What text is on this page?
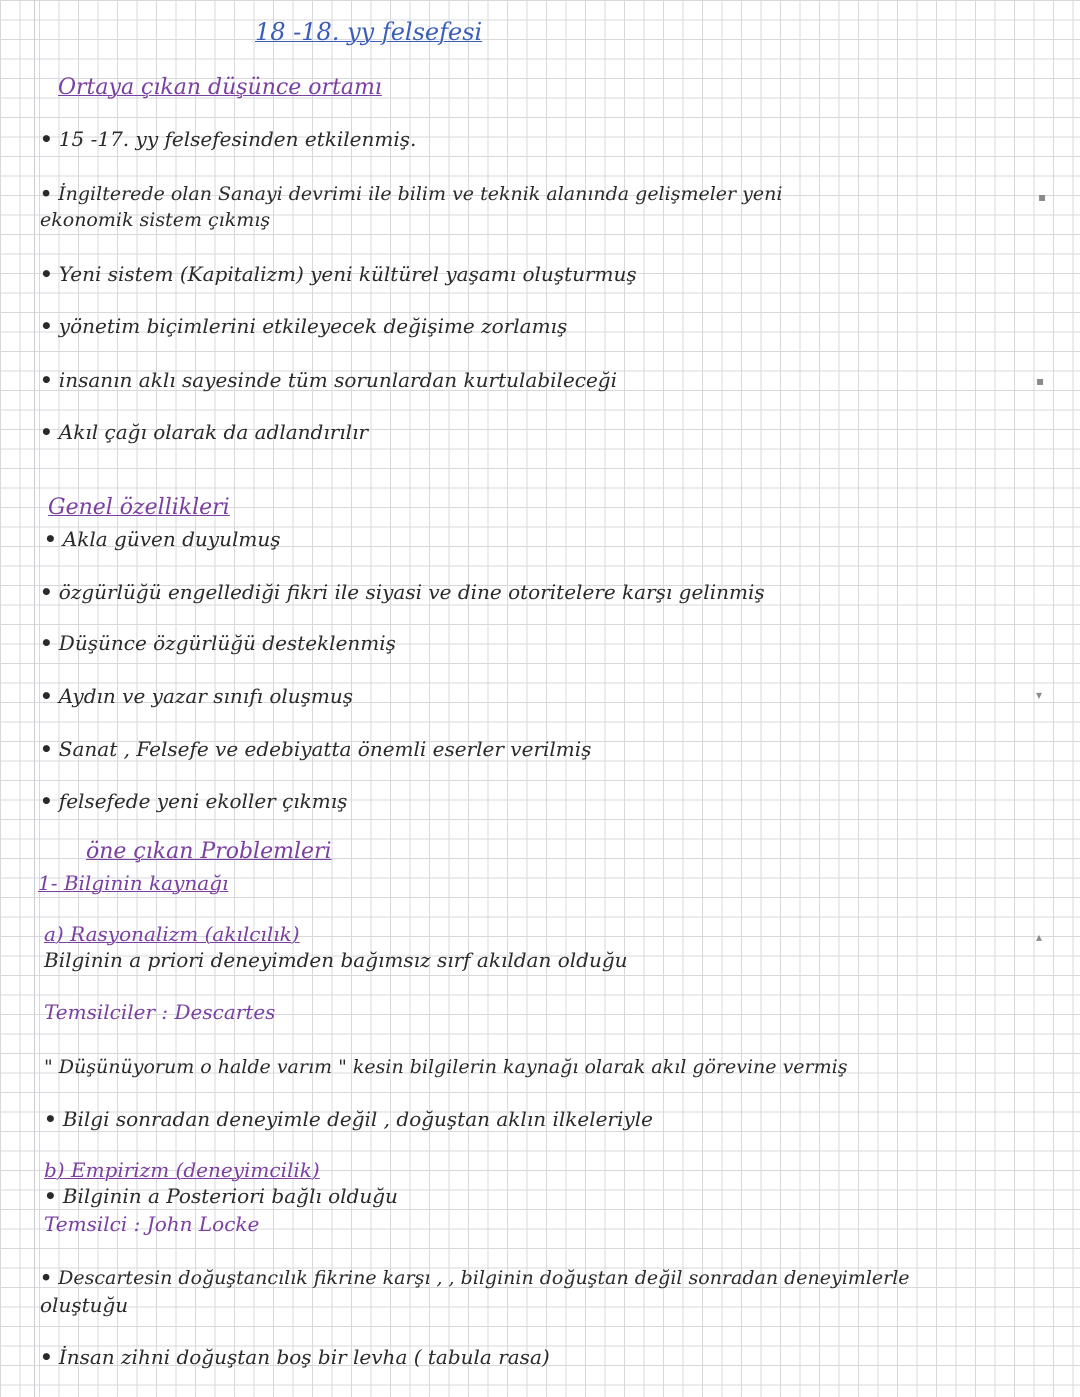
18 -18. yy felsefesi
Ortaya çıkan düşünce ortamı
• 15 -17. yy felsefesinden etkilenmiş.
• İngilterede olan Sanayi devrimi ile bilim ve teknik alanında gelişmeler yeni
ekonomik sistem çıkmış
• Yeni sistem (Kapitalizm) yeni kültürel yaşamı oluşturmuş
• yönetim biçimlerini etkileyecek değişime zorlamış
• insanın aklı sayesinde tüm sorunlardan kurtulabileceği
• Akıl çağı olarak da adlandırılır
Genel özellikleri
• Akla güven duyulmuş
• özgürlüğü engellediği fikri ile siyasi ve dine otoritelere karşı gelinmiş
• Düşünce özgürlüğü desteklenmiş
• Aydın ve yazar sınıfı oluşmuş
• Sanat , Felsefe ve edebiyatta önemli eserler verilmiş
• felsefede yeni ekoller çıkmış
öne çıkan Problemleri
1- Bilginin kaynağı
a) Rasyonalizm (akılcılık)
Bilginin a priori deneyimden bağımsız sırf akıldan olduğu
Temsilciler : Descartes
" Düşünüyorum o halde varım " kesin bilgilerin kaynağı olarak akıl görevine vermiş
• Bilgi sonradan deneyimle değil , doğuştan aklın ilkeleriyle
b) Empirizm (deneyimcilik)
• Bilginin a Posteriori bağlı olduğu
Temsilci : John Locke
• Descartesin doğuştancılık fikrine karşı , , bilginin doğuştan değil sonradan deneyimlerle
oluştuğu
• İnsan zihni doğuştan boş bir levha ( tabula rasa)
▪
▪
▾
▴
